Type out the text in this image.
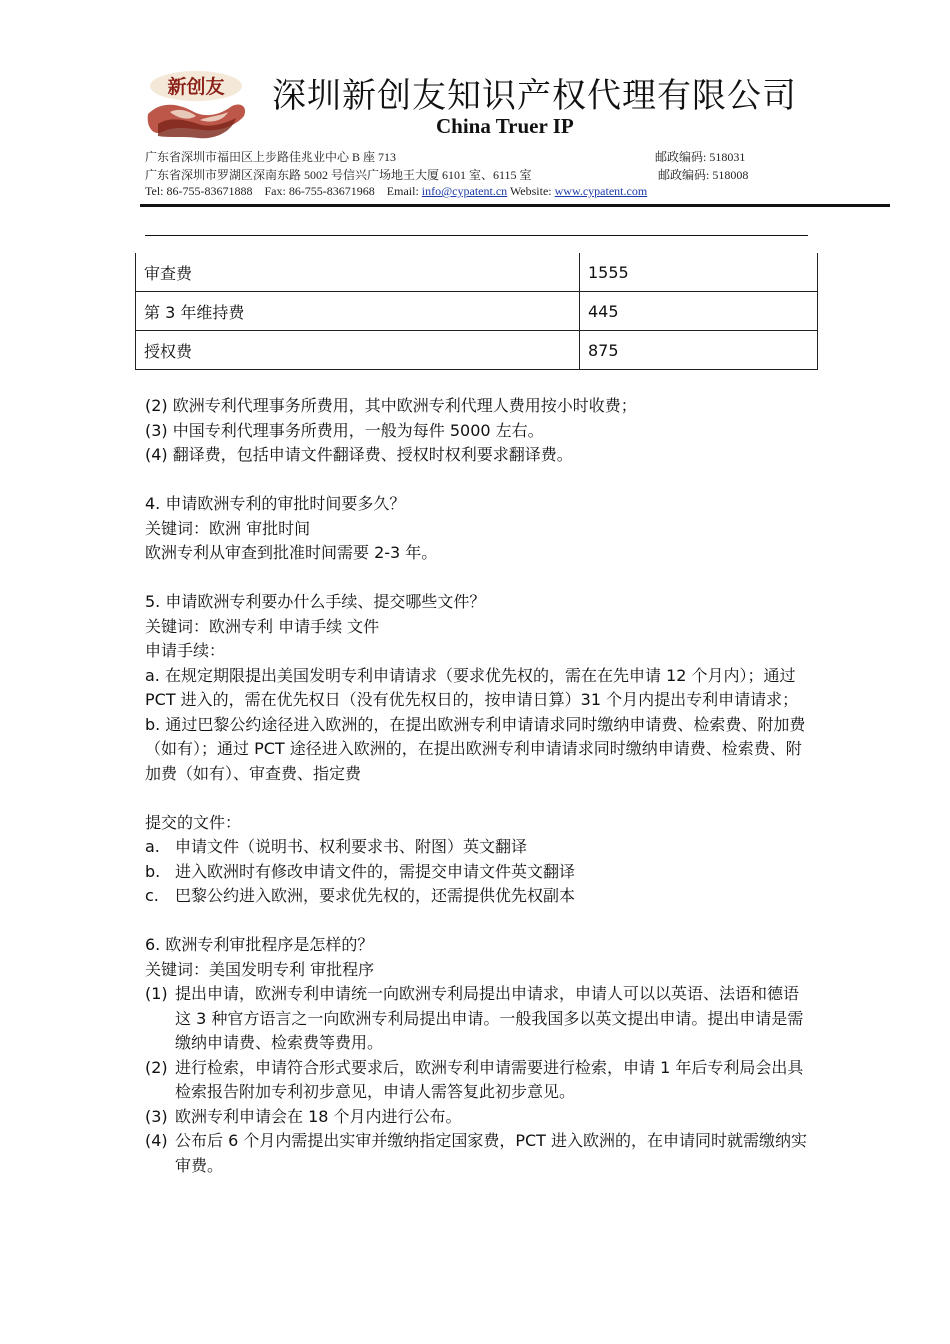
新创友 深圳新创友知识产权代理有限公司
China Truer IP
广东省深圳市福田区上步路佳兆业中心 B 座 713	邮政编码: 518031
广东省深圳市罗湖区深南东路 5002 号信兴广场地王大厦 6101 室、6115 室	邮政编码: 518008
Tel: 86-755-83671888    Fax: 86-755-83671968    Email: info@cypatent.cn Website: www.cypatent.com
审查费	1555
第 3 年维持费	445
授权费	875

(2) 欧洲专利代理事务所费用，其中欧洲专利代理人费用按小时收费；

(3) 中国专利代理事务所费用，一般为每件 5000 左右。

(4) 翻译费，包括申请文件翻译费、授权时权利要求翻译费。

4. 申请欧洲专利的审批时间要多久？

关键词：欧洲 审批时间

欧洲专利从审查到批准时间需要 2-3 年。

5. 申请欧洲专利要办什么手续、提交哪些文件？

关键词：欧洲专利 申请手续 文件

申请手续：

a. 在规定期限提出美国发明专利申请请求（要求优先权的，需在在先申请 12 个月内）；通过 PCT 进入的，需在优先权日（没有优先权日的，按申请日算）31 个月内提出专利申请请求；

b. 通过巴黎公约途径进入欧洲的，在提出欧洲专利申请请求同时缴纳申请费、检索费、附加费（如有）；通过 PCT 途径进入欧洲的，在提出欧洲专利申请请求同时缴纳申请费、检索费、附加费（如有）、审查费、指定费

提交的文件：

a. 申请文件（说明书、权利要求书、附图）英文翻译
b. 进入欧洲时有修改申请文件的，需提交申请文件英文翻译
c.	巴黎公约进入欧洲，要求优先权的，还需提供优先权副本

6. 欧洲专利审批程序是怎样的？

关键词：美国发明专利 审批程序

(1) 提出申请，欧洲专利申请统一向欧洲专利局提出申请求，申请人可以以英语、法语和德语这 3 种官方语言之一向欧洲专利局提出申请。一般我国多以英文提出申请。提出申请是需缴纳申请费、检索费等费用。
(2) 进行检索，申请符合形式要求后，欧洲专利申请需要进行检索，申请 1 年后专利局会出具检索报告附加专利初步意见，申请人需答复此初步意见。
(3) 欧洲专利申请会在 18 个月内进行公布。
(4) 公布后 6 个月内需提出实审并缴纳指定国家费，PCT 进入欧洲的，在申请同时就需缴纳实审费。
